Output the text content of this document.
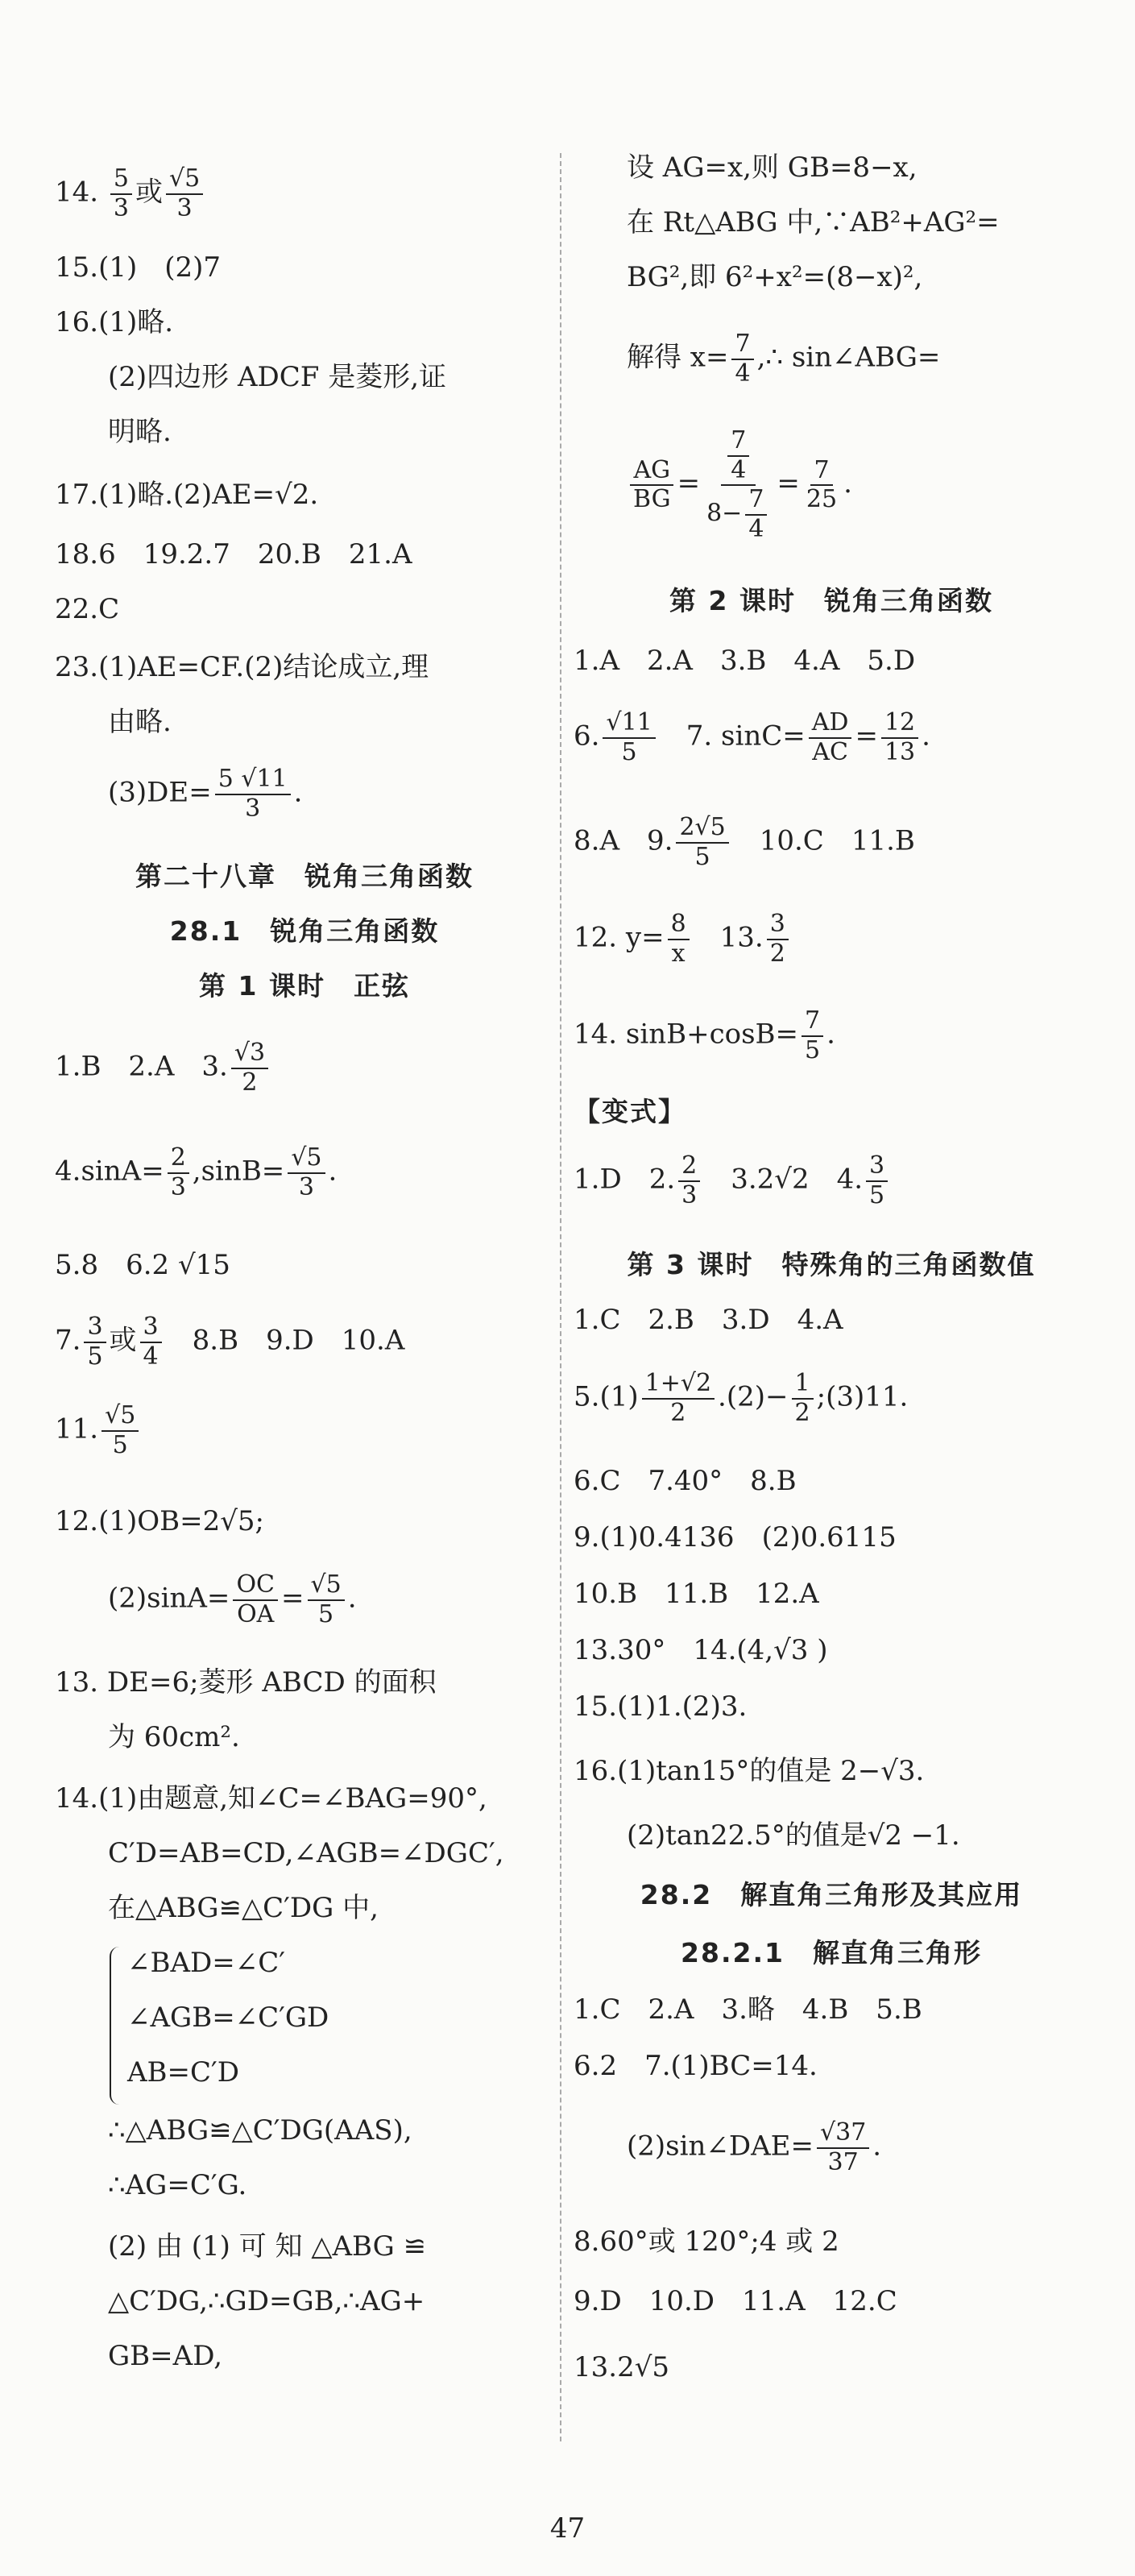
14. $\frac{5}{3}$ 或 $\frac{√5}{3}$
15.(1)　(2)7
16.(1)略.
(2)四边形 ADCF 是菱形,证
明略.
17.(1)略.(2)AE=√2.
18.6　19.2.7　20.B　21.A
22.C
23.(1)AE=CF.(2)结论成立,理
由略.
$(3)DE= \frac{5 √11}{3}$ .
第二十八章　锐角三角函数
28.1　锐角三角函数
第 1 课时　正弦
1.B　2.A　3. $\frac{√3}{2}$
$4.\sin A= \frac{2}{3} ,\sin B= \frac{√5}{3}$ .
5.8　6.2 √15
7. $\frac{3}{5}$ 或 $\frac{3}{4}$ 　8.B　9.D　10.A
11. $\frac{√5}{5}$
12.(1)OB=2√5;
$(2)\sin A= \frac{OC}{OA} = \frac{√5}{5}$ .
13. DE=6;菱形 ABCD 的面积
为 60cm².
14.(1)由题意,知∠C=∠BAG=90°,
C′D=AB=CD,∠AGB=∠DGC′,
在△ABG≌△C′DG 中,
∠BAD=∠C′
∠AGB=∠C′GD
AB=C′D
∴△ABG≌△C′DG(AAS),
∴AG=C′G.
(2) 由 (1) 可 知 △ABG ≌
△C′DG,∴GD=GB,∴AG+
GB=AD,
设 AG=x,则 GB=8−x,
在 Rt△ABG 中,∵AB²+AG²=
BG²,即 6²+x²=(8−x)²,
解得 $x= \frac{7}{4}$ ,∴ sin∠ABG=
$\frac{AG}{BG} = \frac{\frac{7}{4}}{8- \frac{7}{4}} = \frac{7}{25}$ .
第 2 课时　锐角三角函数
1.A　2.A　3.B　4.A　5.D
6. $\frac{√11}{5}$ 　7. $\sin C= \frac{AD}{AC} = \frac{12}{13}$ .
8.A　9. $\frac{2√5}{5}$ 　10.C　11.B
12. $y= \frac{8}{x}$ 　13. $\frac{3}{2}$
14. $\sin B+\cos B= \frac{7}{5}$ .
【变式】
1.D　2. $\frac{2}{3}$ 　3.2√2　4. $\frac{3}{5}$
第 3 课时　特殊角的三角函数值
1.C　2.B　3.D　4.A
$5.(1) \frac{1+√2}{2} .(2)- \frac{1}{2}$ ;(3)11.
6.C　7.40°　8.B
9.(1)0.4136　(2)0.6115
10.B　11.B　12.A
13.30°　14.(4,√3 )
15.(1)1.(2)3.
16.(1)tan15°的值是 2−√3.
(2)tan22.5°的值是√2 −1.
28.2　解直角三角形及其应用
28.2.1　解直角三角形
1.C　2.A　3.略　4.B　5.B
6.2　7.(1)BC=14.
(2)sin∠DAE= $\frac{√37}{37}$ .
8.60°或 120°;4 或 2
9.D　10.D　11.A　12.C
13.2√5
47
